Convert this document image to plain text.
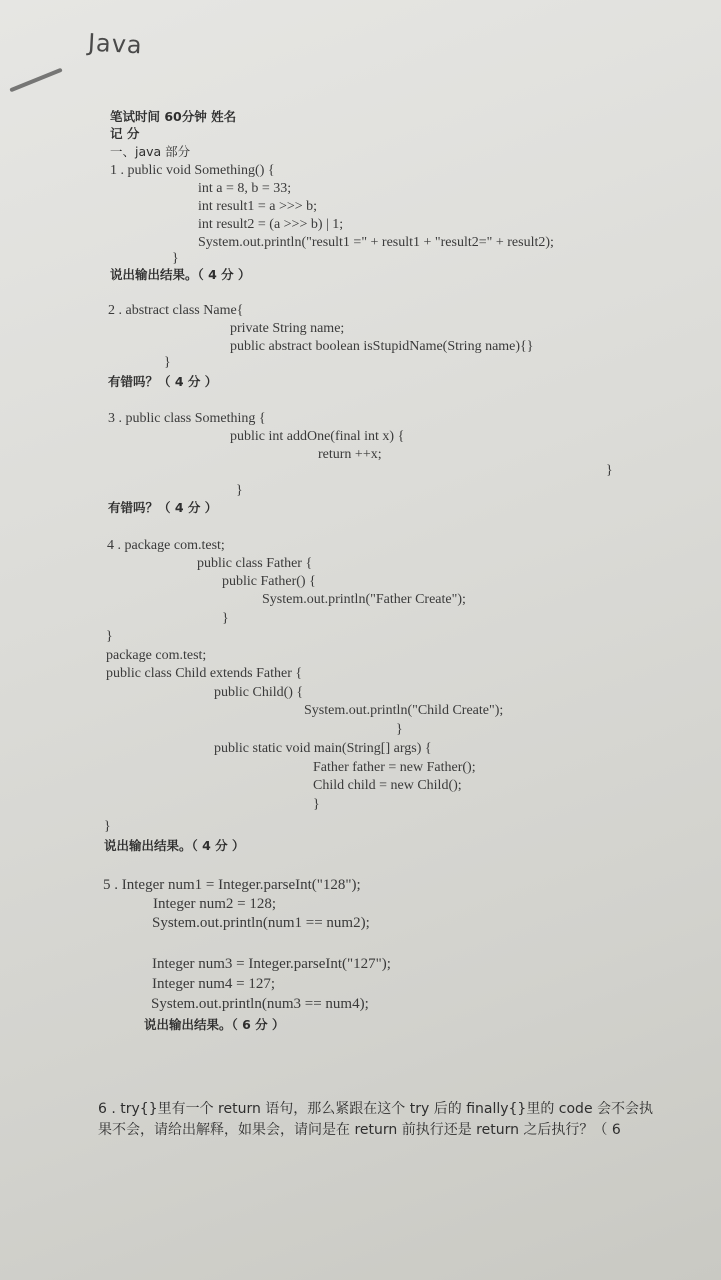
Java
笔试时间 60分钟 姓名
记 分
一、java 部分
1 . public void Something() {
int a = 8, b = 33;
int result1 = a >>> b;
int result2 = (a >>> b) | 1;
System.out.println("result1 =" + result1 + "result2=" + result2);
}
说出输出结果。（ 4 分 ）
2 . abstract class Name{
private String name;
public abstract boolean isStupidName(String name){}
}
有错吗？（ 4 分 ）
3 . public class Something {
public int addOne(final int x) {
return ++x;
}
}
有错吗？（ 4 分 ）
4 . package com.test;
public class Father {
public Father() {
System.out.println("Father Create");
}
}
package com.test;
public class Child extends Father {
public Child() {
System.out.println("Child Create");
}
public static void main(String[] args) {
Father father = new Father();
Child child = new Child();
}
}
说出输出结果。（ 4 分 ）
5 . Integer num1 = Integer.parseInt("128");
Integer num2 = 128;
System.out.println(num1 == num2);
Integer num3 = Integer.parseInt("127");
Integer num4 = 127;
System.out.println(num3 == num4);
说出输出结果。（ 6 分 ）
6 . try{}里有一个 return 语句，那么紧跟在这个 try 后的 finally{}里的 code 会不会执
果不会，请给出解释，如果会，请问是在 return 前执行还是 return 之后执行？（ 6
